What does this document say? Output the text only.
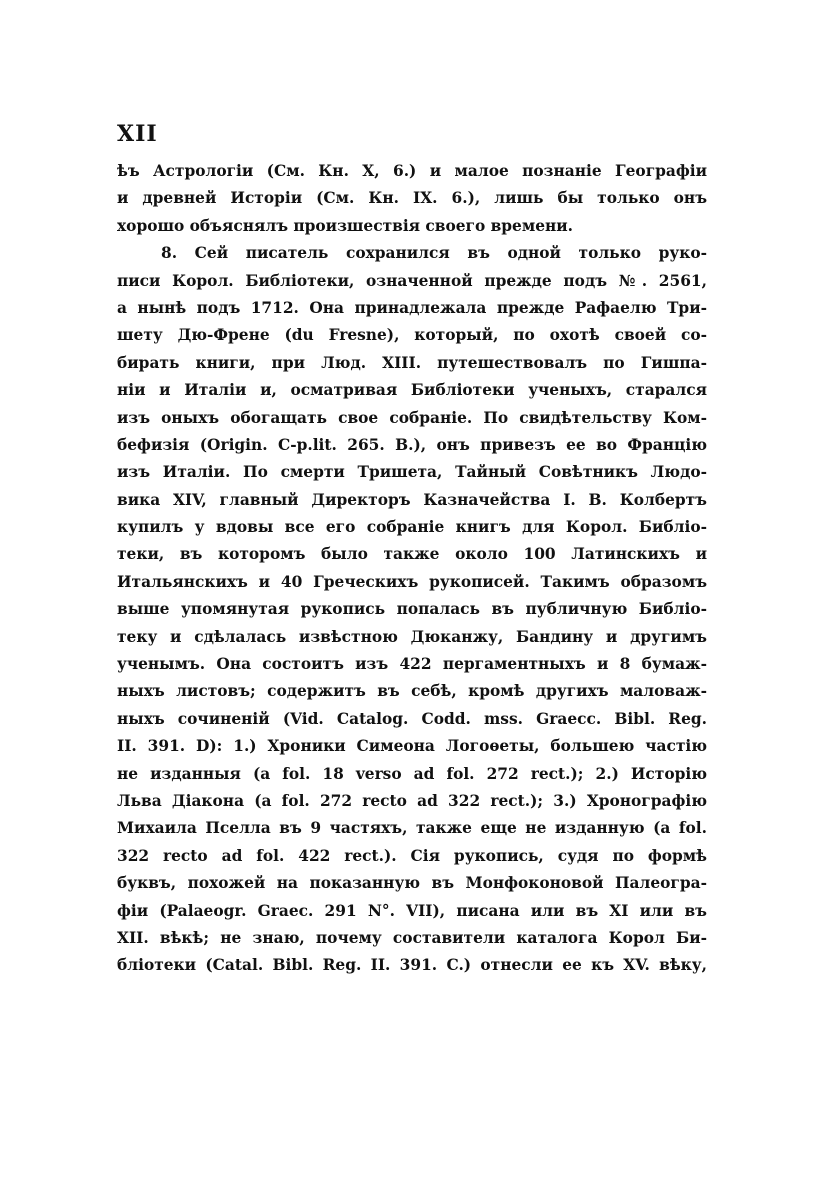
XII
ѣъ Астрологіи (См. Кн. X, 6.) и малое познаніе Географіи
и древней Исторіи (См. Кн. IX. 6.), лишь бы только онъ
хорошо объяснялъ произшествія своего времени.
8. Сей писатель сохранился въ одной только руко-
писи Корол. Библіотеки, означенной прежде подъ №. 2561,
а нынѣ подъ 1712. Она принадлежала прежде Рафаелю Три-
шету Дю-Френе (du Fresne), который, по охотѣ своей со-
бирать книги, при Люд. XIII. путешествовалъ по Гишпа-
ніи и Италіи и, осматривая Библіотеки ученыхъ, старался
изъ оныхъ обогащать свое собраніе. По свидѣтельству Ком-
бефизія (Origin. C-p.lit. 265. B.), онъ привезъ ее во Францію
изъ Италіи. По смерти Тришета, Тайный Совѣтникъ Людо-
вика XIV, главный Директоръ Казначейства I. B. Колбертъ
купилъ у вдовы все его собраніе книгъ для Корол. Библіо-
теки, въ которомъ было также около 100 Латинскихъ и
Итальянскихъ и 40 Греческихъ рукописей. Такимъ образомъ
выше упомянутая рукопись попалась въ публичную Библіо-
теку и сдѣлалась извѣстною Дюканжу, Бандину и другимъ
ученымъ. Она состоитъ изъ 422 пергаментныхъ и 8 бумаж-
ныхъ листовъ; содержитъ въ себѣ, кромѣ другихъ маловаж-
ныхъ сочиненій (Vid. Catalog. Codd. mss. Graecc. Bibl. Reg.
II. 391. D): 1.) Хроники Симеона Логоѳеты, большею частію
не изданныя (a fol. 18 verso ad fol. 272 rect.); 2.) Исторію
Льва Діакона (a fol. 272 recto ad 322 rect.); 3.) Хронографію
Михаила Пселла въ 9 частяхъ, также еще не изданную (a fol.
322 recto ad fol. 422 rect.). Сія рукопись, судя по формѣ
буквъ, похожей на показанную въ Монфоконовой Палеогра-
фіи (Palaeogr. Graec. 291 N°. VII), писана или въ XI или въ
XII. вѣкѣ; не знаю, почему составители каталога Корол Би-
бліотеки (Catal. Bibl. Reg. II. 391. C.) отнесли ее къ XV. вѣку,
